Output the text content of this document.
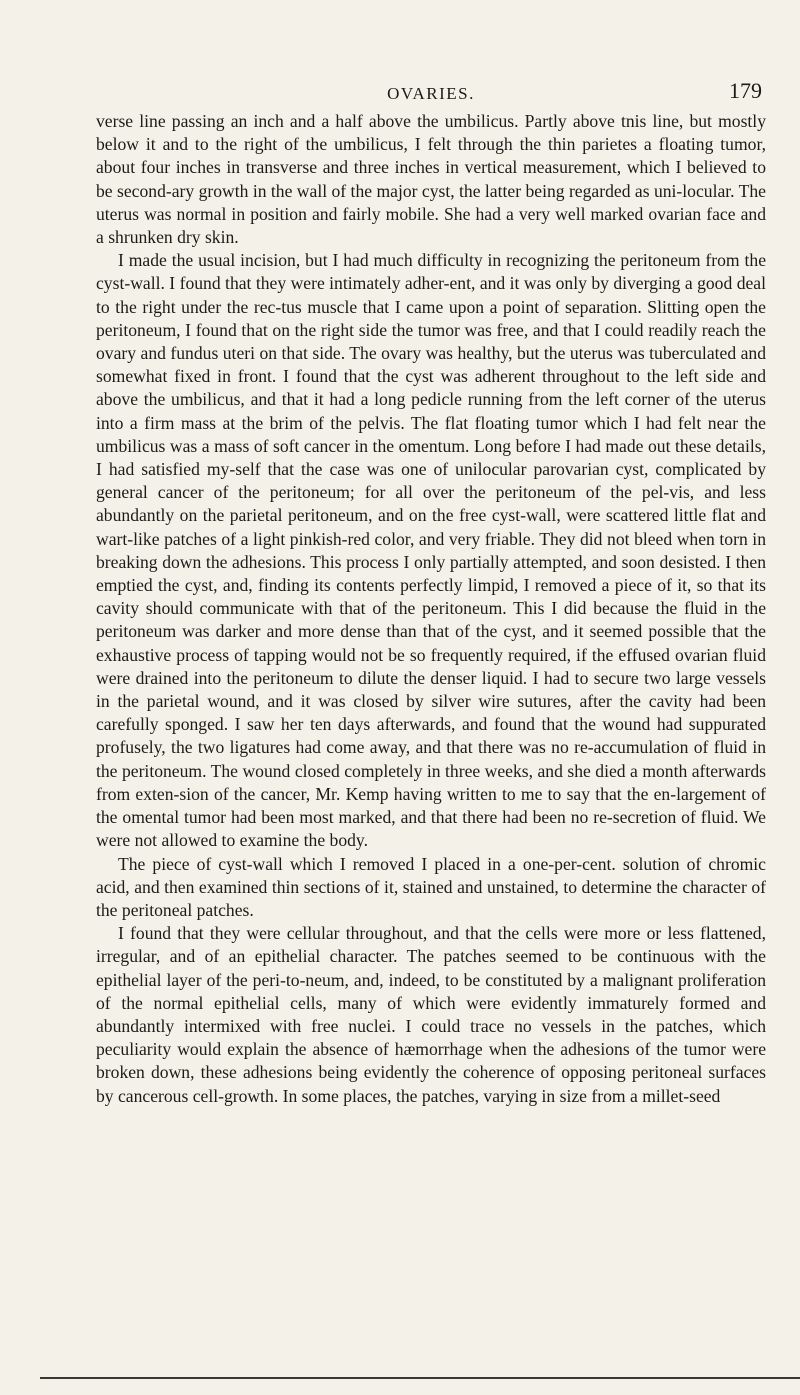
OVARIES.	179

verse line passing an inch and a half above the umbilicus. Partly above tnis line, but mostly below it and to the right of the umbilicus, I felt through the thin parietes a floating tumor, about four inches in transverse and three inches in vertical measurement, which I believed to be second-ary growth in the wall of the major cyst, the latter being regarded as uni-locular. The uterus was normal in position and fairly mobile. She had a very well marked ovarian face and a shrunken dry skin.

I made the usual incision, but I had much difficulty in recognizing the peritoneum from the cyst-wall. I found that they were intimately adher-ent, and it was only by diverging a good deal to the right under the rec-tus muscle that I came upon a point of separation. Slitting open the peritoneum, I found that on the right side the tumor was free, and that I could readily reach the ovary and fundus uteri on that side. The ovary was healthy, but the uterus was tuberculated and somewhat fixed in front. I found that the cyst was adherent throughout to the left side and above the umbilicus, and that it had a long pedicle running from the left corner of the uterus into a firm mass at the brim of the pelvis. The flat floating tumor which I had felt near the umbilicus was a mass of soft cancer in the omentum. Long before I had made out these details, I had satisfied my-self that the case was one of unilocular parovarian cyst, complicated by general cancer of the peritoneum; for all over the peritoneum of the pel-vis, and less abundantly on the parietal peritoneum, and on the free cyst-wall, were scattered little flat and wart-like patches of a light pinkish-red color, and very friable. They did not bleed when torn in breaking down the adhesions. This process I only partially attempted, and soon desisted. I then emptied the cyst, and, finding its contents perfectly limpid, I removed a piece of it, so that its cavity should communicate with that of the peritoneum. This I did because the fluid in the peritoneum was darker and more dense than that of the cyst, and it seemed possible that the exhaustive process of tapping would not be so frequently required, if the effused ovarian fluid were drained into the peritoneum to dilute the denser liquid. I had to secure two large vessels in the parietal wound, and it was closed by silver wire sutures, after the cavity had been carefully sponged. I saw her ten days afterwards, and found that the wound had suppurated profusely, the two ligatures had come away, and that there was no re-accumulation of fluid in the peritoneum. The wound closed completely in three weeks, and she died a month afterwards from exten-sion of the cancer, Mr. Kemp having written to me to say that the en-largement of the omental tumor had been most marked, and that there had been no re-secretion of fluid. We were not allowed to examine the body.

The piece of cyst-wall which I removed I placed in a one-per-cent. solution of chromic acid, and then examined thin sections of it, stained and unstained, to determine the character of the peritoneal patches.

I found that they were cellular throughout, and that the cells were more or less flattened, irregular, and of an epithelial character. The patches seemed to be continuous with the epithelial layer of the peri-to-neum, and, indeed, to be constituted by a malignant proliferation of the normal epithelial cells, many of which were evidently immaturely formed and abundantly intermixed with free nuclei. I could trace no vessels in the patches, which peculiarity would explain the absence of hæmorrhage when the adhesions of the tumor were broken down, these adhesions being evidently the coherence of opposing peritoneal surfaces by cancerous cell-growth. In some places, the patches, varying in size from a millet-seed
